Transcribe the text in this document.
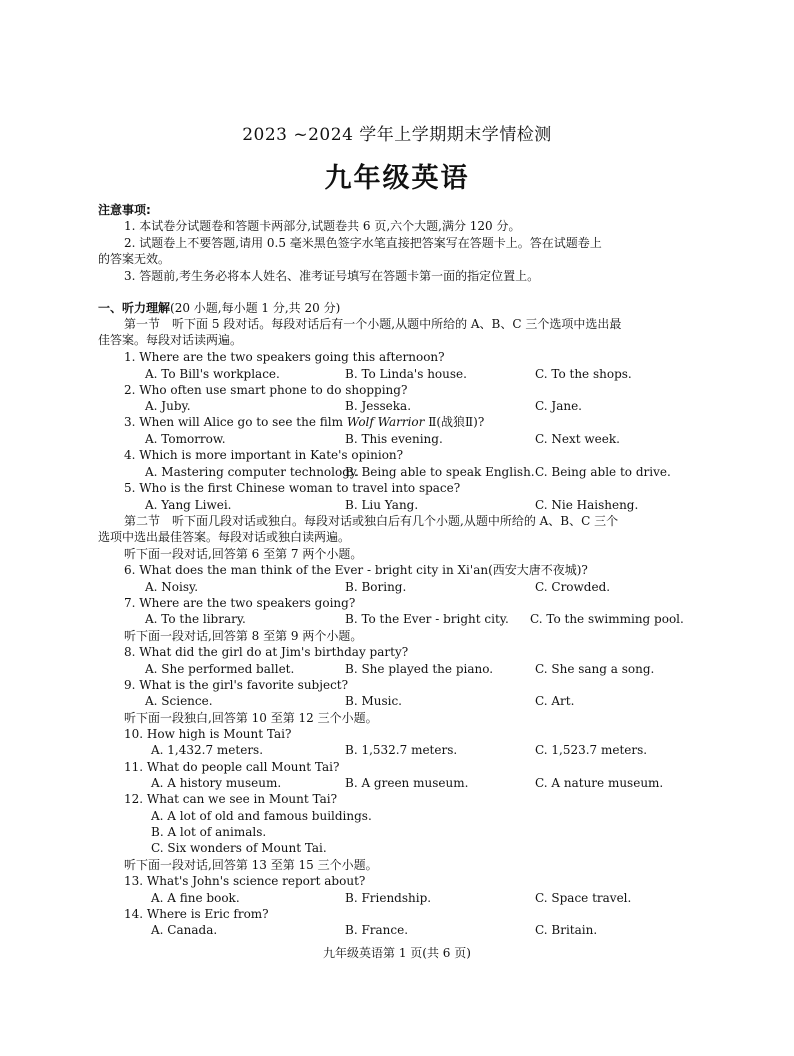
2023 ~2024 学年上学期期末学情检测
九年级英语
注意事项:
1. 本试卷分试题卷和答题卡两部分,试题卷共 6 页,六个大题,满分 120 分。
2. 试题卷上不要答题,请用 0.5 毫米黑色签字水笔直接把答案写在答题卡上。答在试题卷上
的答案无效。
3. 答题前,考生务必将本人姓名、准考证号填写在答题卡第一面的指定位置上。
一、听力理解(20 小题,每小题 1 分,共 20 分)
第一节　听下面 5 段对话。每段对话后有一个小题,从题中所给的 A、B、C 三个选项中选出最
佳答案。每段对话读两遍。
1. Where are the two speakers going this afternoon?
A. To Bill's workplace.	B. To Linda's house.	C. To the shops.
2. Who often use smart phone to do shopping?
A. Juby.	B. Jesseka.	C. Jane.
3. When will Alice go to see the film Wolf Warrior Ⅱ(战狼Ⅱ)?
A. Tomorrow.	B. This evening.	C. Next week.
4. Which is more important in Kate's opinion?
A. Mastering computer technology.
B. Being able to speak English. C. Being able to drive.
5. Who is the first Chinese woman to travel into space?
A. Yang Liwei.	B. Liu Yang.	C. Nie Haisheng.
第二节　听下面几段对话或独白。每段对话或独白后有几个小题,从题中所给的 A、B、C 三个
选项中选出最佳答案。每段对话或独白读两遍。
听下面一段对话,回答第 6 至第 7 两个小题。
6. What does the man think of the Ever - bright city in Xi'an(西安大唐不夜城)?
A. Noisy.	B. Boring.	C. Crowded.
7. Where are the two speakers going?
A. To the library.	B. To the Ever - bright city. C. To the swimming pool.
听下面一段对话,回答第 8 至第 9 两个小题。
8. What did the girl do at Jim's birthday party?
A. She performed ballet.	B. She played the piano.	C. She sang a song.
9. What is the girl's favorite subject?
A. Science.	B. Music.	C. Art.
听下面一段独白,回答第 10 至第 12 三个小题。
10. How high is Mount Tai?
A. 1,432.7 meters.	B. 1,532.7 meters.	C. 1,523.7 meters.
11. What do people call Mount Tai?
A. A history museum.	B. A green museum.	C. A nature museum.
12. What can we see in Mount Tai?
A. A lot of old and famous buildings.
B. A lot of animals.
C. Six wonders of Mount Tai.
听下面一段对话,回答第 13 至第 15 三个小题。
13. What's John's science report about?
A. A fine book.	B. Friendship.	C. Space travel.
14. Where is Eric from?
A. Canada.	B. France.	C. Britain.
九年级英语第 1 页(共 6 页)
